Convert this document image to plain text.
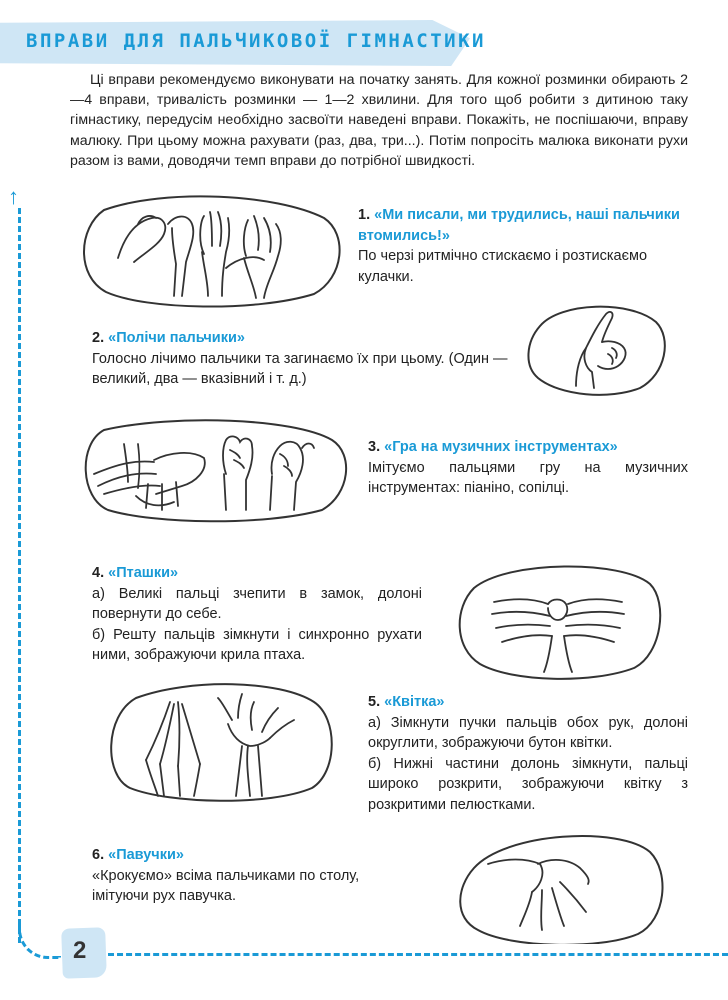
ВПРАВИ ДЛЯ ПАЛЬЧИКОВОЇ ГІМНАСТИКИ

Ці вправи рекомендуємо виконувати на початку занять. Для кожної розминки обирають 2—4 вправи, тривалість розминки — 1—2 хвилини. Для того щоб робити з дитиною таку гімнастику, передусім необхідно засвоїти наведені вправи. Покажіть, не поспішаючи, вправу малюку. При цьому можна рахувати (раз, два, три...). Потім попросіть малюка виконати рухи разом із вами, доводячи темп вправи до потрібної швидкості.

↑

1. «Ми писали, ми трудились, наші пальчики втомились!»

По черзі ритмічно стискаємо і розтискаємо кулачки.

2. «Полічи пальчики»

Голосно лічимо пальчики та загинаємо їх при цьому. (Один — великий, два — вказівний і т. д.)

3. «Гра на музичних інструментах»

Імітуємо пальцями гру на музичних інструментах: піаніно, сопілці.

4. «Пташки»

а) Великі пальці зчепити в замок, долоні повернути до себе.

б) Решту пальців зімкнути і синхронно рухати ними, зображуючи крила птаха.

5. «Квітка»

а) Зімкнути пучки пальців обох рук, долоні округлити, зображуючи бутон квітки.

б) Нижні частини долонь зімкнути, пальці широко розкрити, зображуючи квітку з розкритими пелюстками.

6. «Павучки»

«Крокуємо» всіма пальчиками по столу, імітуючи рух павучка.

2
